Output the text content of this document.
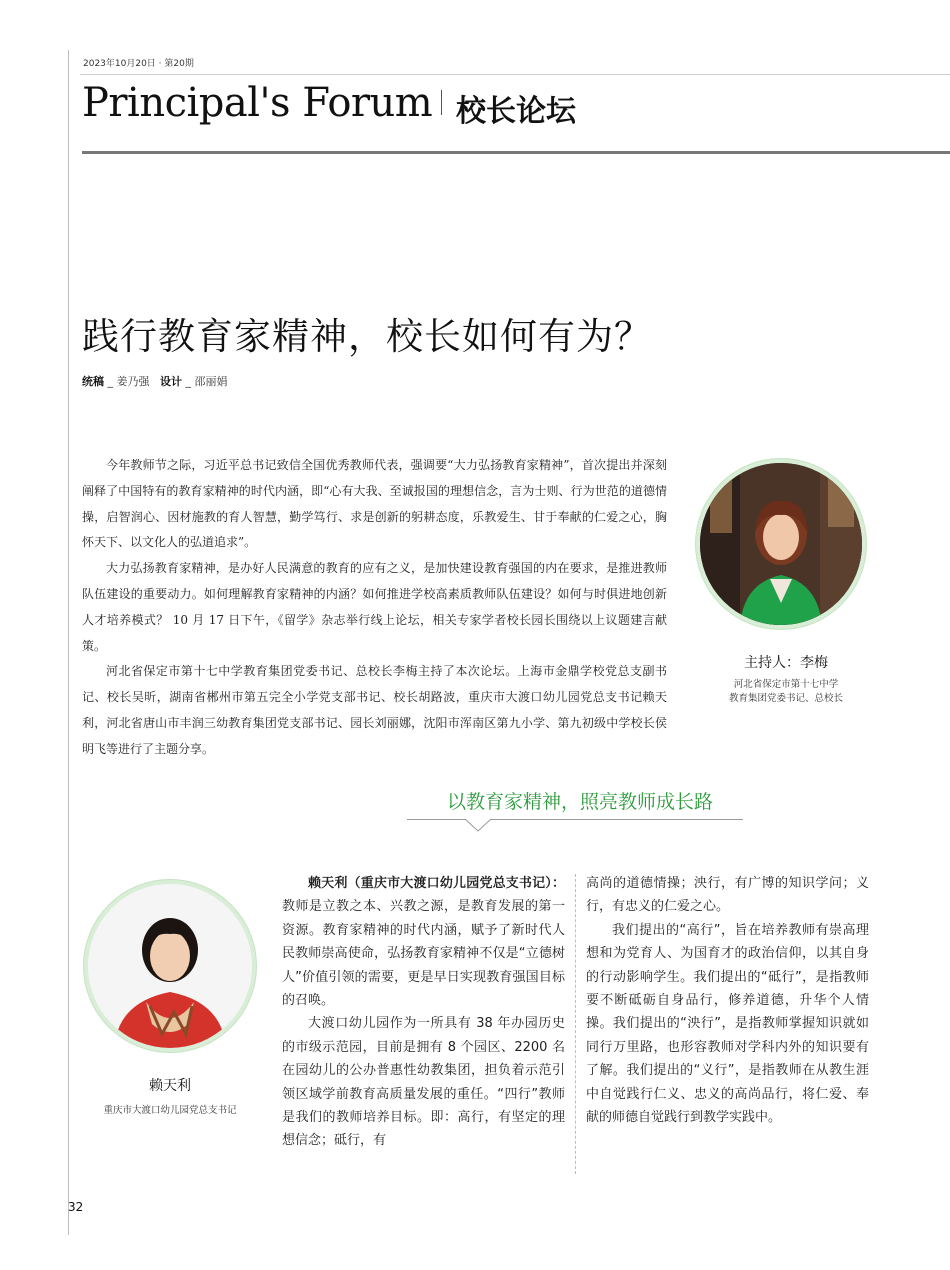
2023年10月20日 · 第20期
Principal's Forum 校长论坛
践行教育家精神，校长如何有为？
统稿 _ 姜乃强 设计 _ 邵丽娟

今年教师节之际，习近平总书记致信全国优秀教师代表，强调要“大力弘扬教育家精神”，首次提出并深刻阐释了中国特有的教育家精神的时代内涵，即“心有大我、至诚报国的理想信念，言为士则、行为世范的道德情操，启智润心、因材施教的育人智慧，勤学笃行、求是创新的躬耕态度，乐教爱生、甘于奉献的仁爱之心，胸怀天下、以文化人的弘道追求”。

大力弘扬教育家精神，是办好人民满意的教育的应有之义，是加快建设教育强国的内在要求，是推进教师队伍建设的重要动力。如何理解教育家精神的内涵？如何推进学校高素质教师队伍建设？如何与时俱进地创新人才培养模式？ 10 月 17 日下午，《留学》杂志举行线上论坛，相关专家学者校长园长围绕以上议题建言献策。

河北省保定市第十七中学教育集团党委书记、总校长李梅主持了本次论坛。上海市金鼎学校党总支副书记、校长吴昕，湖南省郴州市第五完全小学党支部书记、校长胡路波，重庆市大渡口幼儿园党总支书记赖天利，河北省唐山市丰润三幼教育集团党支部书记、园长刘丽娜，沈阳市浑南区第九小学、第九初级中学校长侯明飞等进行了主题分享。

主持人：李梅
河北省保定市第十七中学
教育集团党委书记、总校长
以教育家精神，照亮教师成长路
赖天利
重庆市大渡口幼儿园党总支书记

赖天利（重庆市大渡口幼儿园党总支书记）：教师是立教之本、兴教之源，是教育发展的第一资源。教育家精神的时代内涵，赋予了新时代人民教师崇高使命，弘扬教育家精神不仅是“立德树人”价值引领的需要，更是早日实现教育强国目标的召唤。

大渡口幼儿园作为一所具有 38 年办园历史的市级示范园，目前是拥有 8 个园区、2200 名在园幼儿的公办普惠性幼教集团，担负着示范引领区域学前教育高质量发展的重任。“四行”教师是我们的教师培养目标。即：高行，有坚定的理想信念；砥行，有

高尚的道德情操；泱行，有广博的知识学问；义行，有忠义的仁爱之心。

我们提出的“高行”，旨在培养教师有崇高理想和为党育人、为国育才的政治信仰，以其自身的行动影响学生。我们提出的“砥行”，是指教师要不断砥砺自身品行，修养道德，升华个人情操。我们提出的“泱行”，是指教师掌握知识就如同行万里路，也形容教师对学科内外的知识要有了解。我们提出的“义行”，是指教师在从教生涯中自觉践行仁义、忠义的高尚品行，将仁爱、奉献的师德自觉践行到教学实践中。

32
